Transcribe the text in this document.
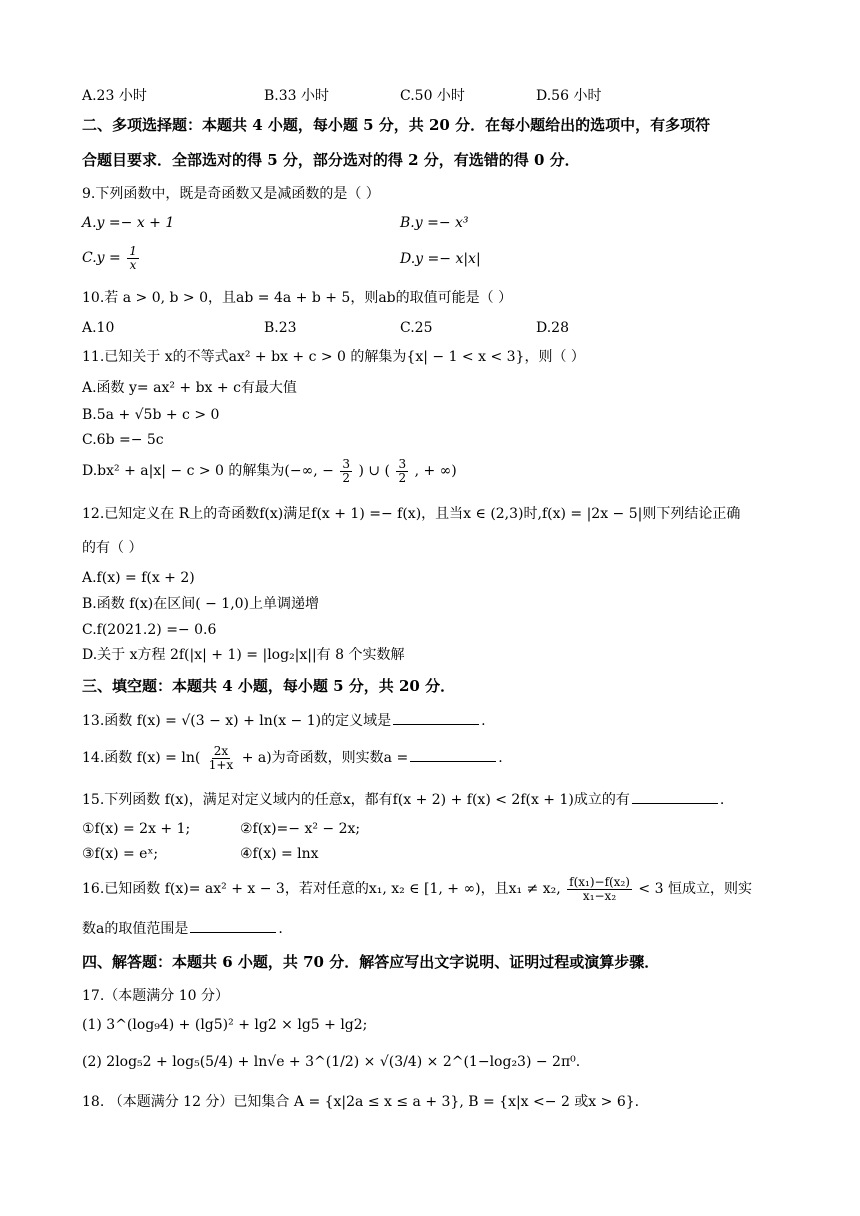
A.23 小时	B.33 小时	C.50 小时	D.56 小时
二、多项选择题：本题共 4 小题，每小题 5 分，共 20 分．在每小题给出的选项中，有多项符
合题目要求．全部选对的得 5 分，部分选对的得 2 分，有选错的得 0 分．
9.下列函数中，既是奇函数又是减函数的是（ ）
A.y =− x + 1	B.y =− x³
$C.y = \frac{1}{x}$	D.y =− x|x|
10.若 a > 0, b > 0，且ab = 4a + b + 5，则ab的取值可能是（ ）
A.10	B.23	C.25	D.28
11.已知关于 x的不等式ax² + bx + c > 0 的解集为{x| − 1 < x < 3}，则（ ）
A.函数 y= ax² + bx + c有最大值
B.5a + √5b + c > 0
C.6b =− 5c
D.bx² + a|x| − c > 0 的解集为(−∞, − $\frac{3}{2}$ ) ∪ ( $\frac{3}{2}$ , + ∞)
12.已知定义在 R上的奇函数f(x)满足f(x + 1) =− f(x)，且当x ∈ (2,3)时,f(x) = |2x − 5|则下列结论正确
的有（ ）
A.f(x) = f(x + 2)
B.函数 f(x)在区间( − 1,0)上单调递增
C.f(2021.2) =− 0.6
D.关于 x方程 2f(|x| + 1) = |log₂|x||有 8 个实数解
三、填空题：本题共 4 小题，每小题 5 分，共 20 分．
13.函数 f(x) = √(3 − x) + ln(x − 1)的定义域是	.
14.函数 $f(x) = \ln( \frac{2x}{1+x} + a)$为奇函数，则实数a =	.
15.下列函数 f(x)，满足对定义域内的任意x，都有f(x + 2) + f(x) < 2f(x + 1)成立的有	.
①f(x) = 2x + 1;	②f(x)=− x² − 2x;
③f(x) = eˣ;	④f(x) = lnx
16.已知函数 f(x)= ax² + x − 3，若对任意的x₁, x₂ ∈ [1, + ∞)，且x₁ ≠ x₂, $\frac{\text{f(x₁)−f(x₂)}}{\text{x₁−x₂}} < 3$ 恒成立，则实
数a的取值范围是	.
四、解答题：本题共 6 小题，共 70 分．解答应写出文字说明、证明过程或演算步骤．
17.（本题满分 10 分）
(1) 3^(log₉4) + (lg5)² + lg2 × lg5 + lg2;
(2) 2log₅2 + log₅(5/4) + ln√e + 3^(1/2) × √(3/4) × 2^(1−log₂3) − 2π⁰.
18. （本题满分 12 分）已知集合 A = {x|2a ≤ x ≤ a + 3}, B = {x|x <− 2 或x > 6}.
